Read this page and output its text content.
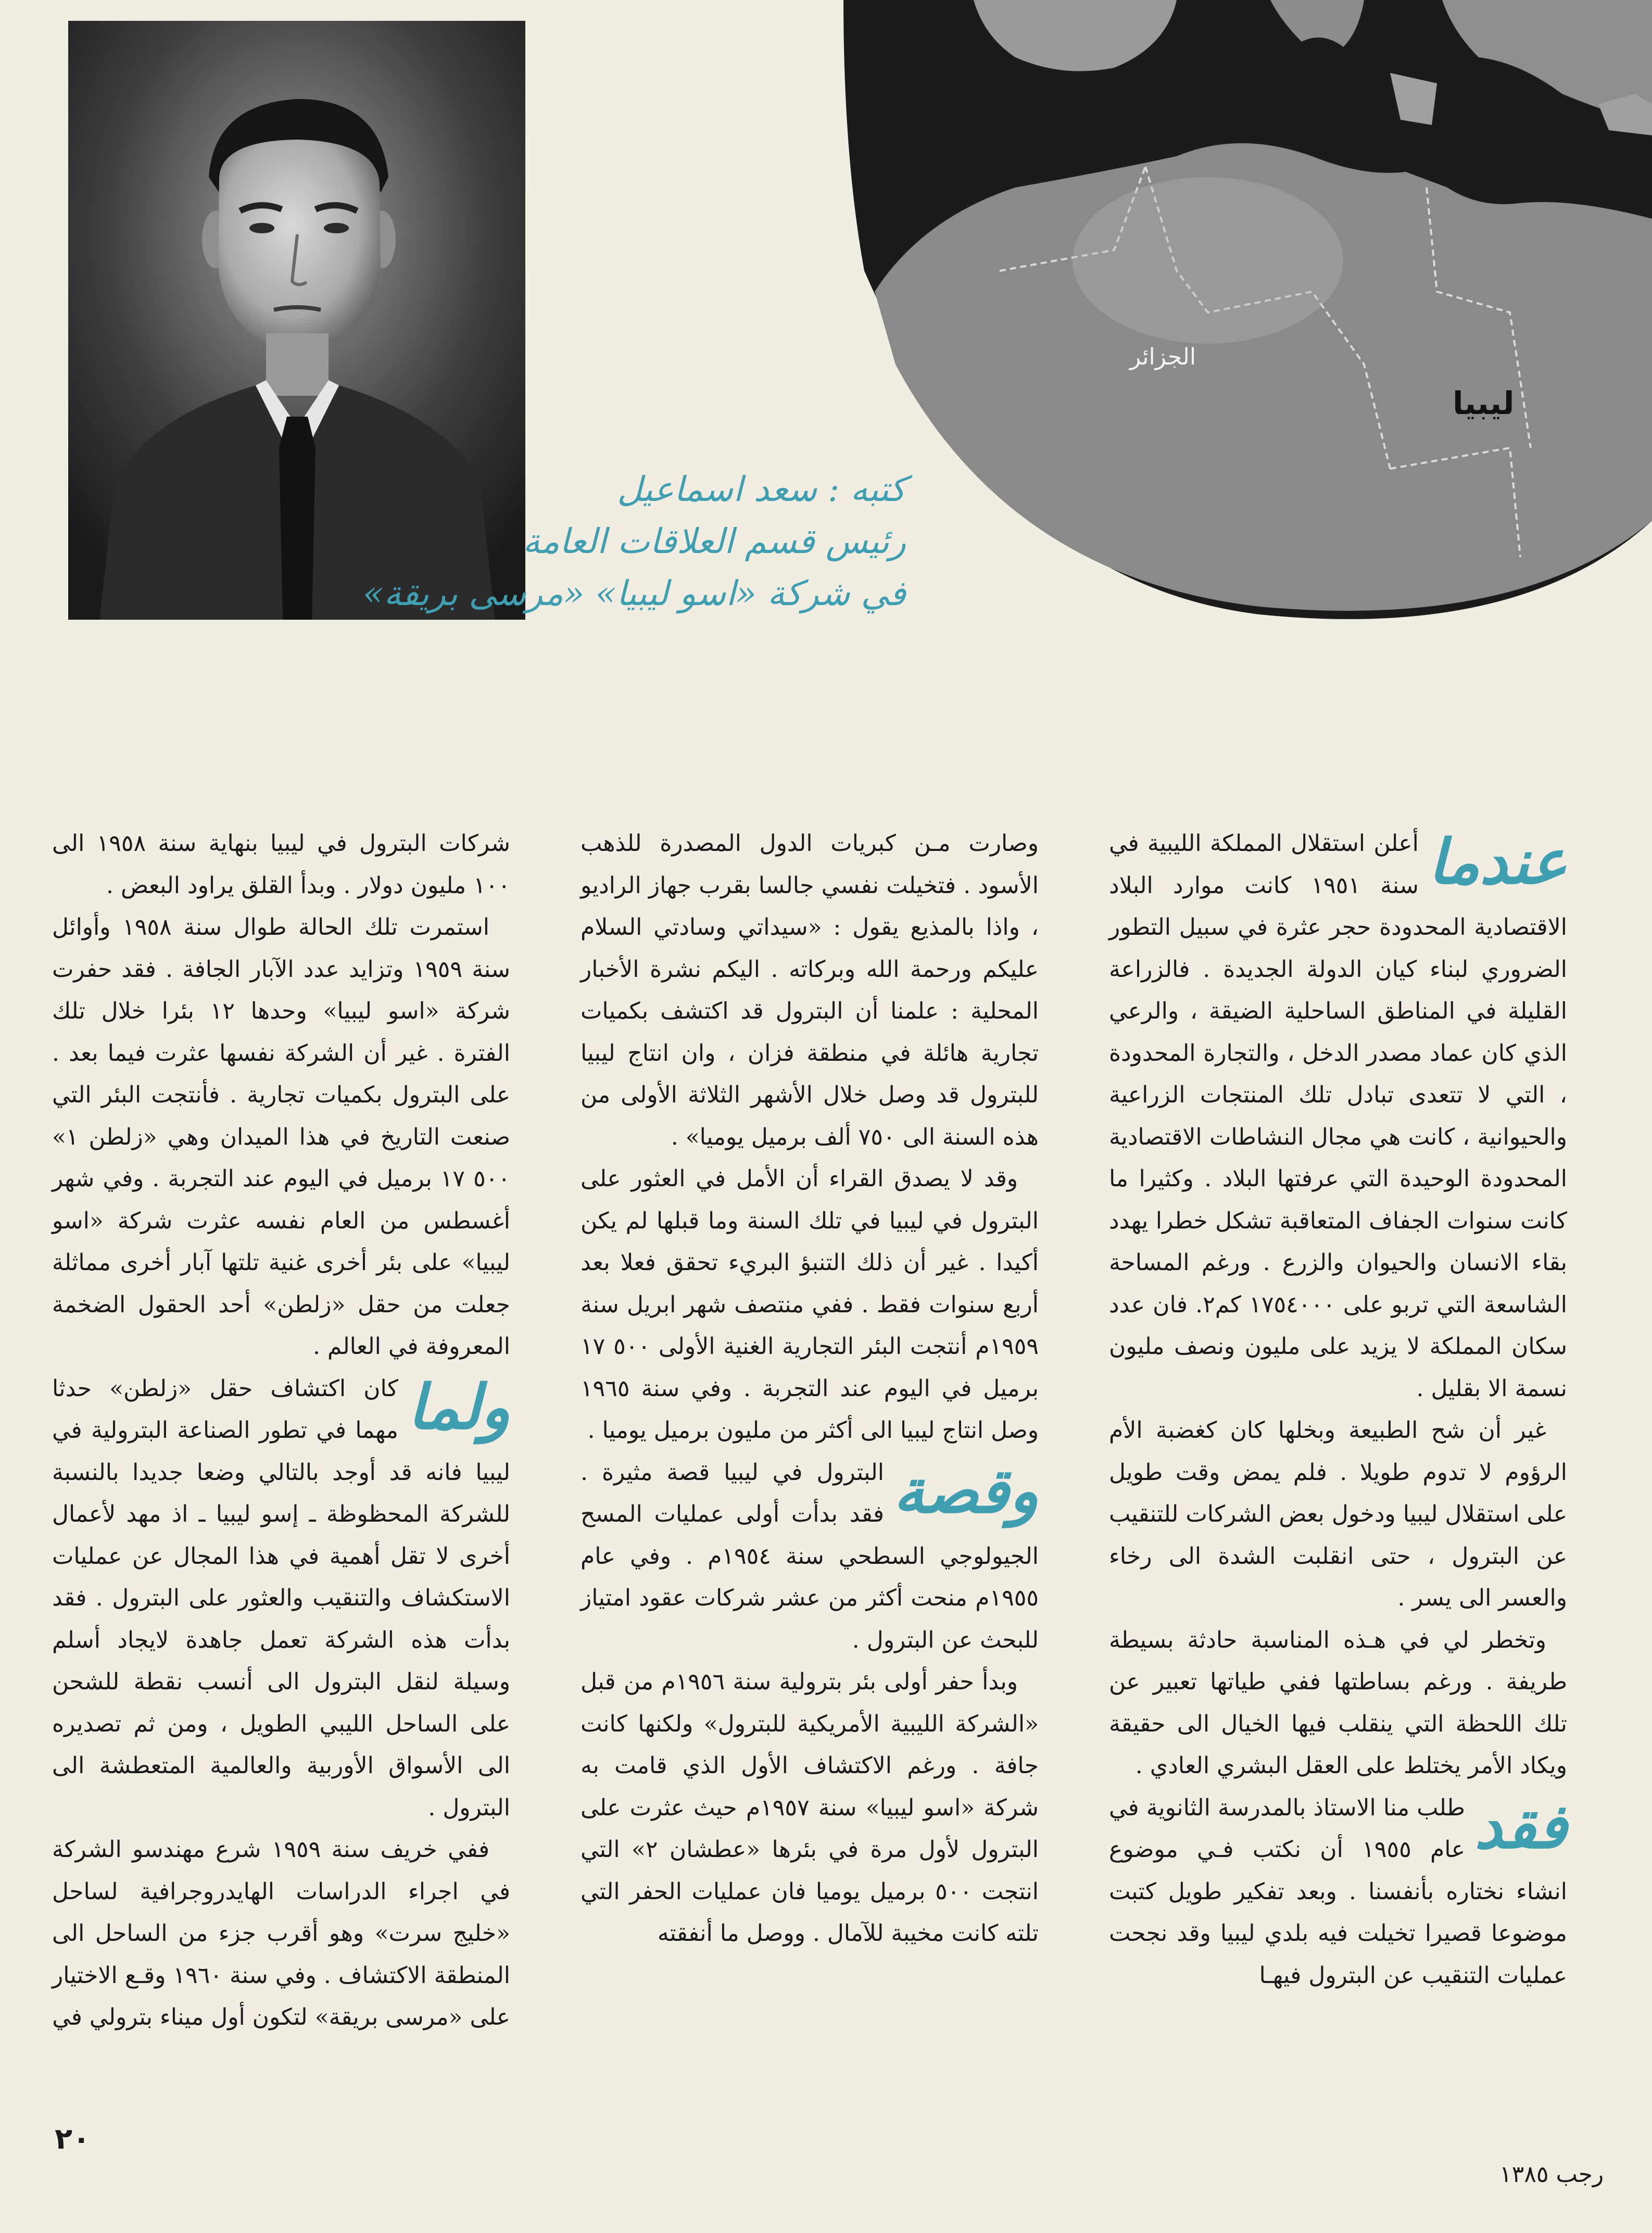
الجزائر
ليبيا
كتبه : سعد اسماعيل
رئيس قسم العلاقات العامة
في شركة «اسو ليبيا» «مرسى بريقة»
عندما

أعلن استقلال المملكة الليبية في سنة ١٩٥١ كانت موارد البلاد الاقتصادية المحدودة حجر عثرة في سبيل التطور الضروري لبناء كيان الدولة الجديدة . فالزراعة القليلة في المناطق الساحلية الضيقة ، والرعي الذي كان عماد مصدر الدخل ، والتجارة المحدودة ، التي لا تتعدى تبادل تلك المنتجات الزراعية والحيوانية ، كانت هي مجال النشاطات الاقتصادية المحدودة الوحيدة التي عرفتها البلاد . وكثيرا ما كانت سنوات الجفاف المتعاقبة تشكل خطرا يهدد بقاء الانسان والحيوان والزرع . ورغم المساحة الشاسعة التي تربو على ١٧٥٤٠٠٠ كم٢. فان عدد سكان المملكة لا يزيد على مليون ونصف مليون نسمة الا بقليل .

غير أن شح الطبيعة وبخلها كان كغضبة الأم الرؤوم لا تدوم طويلا . فلم يمض وقت طويل على استقلال ليبيا ودخول بعض الشركات للتنقيب عن البترول ، حتى انقلبت الشدة الى رخاء والعسر الى يسر .

وتخطر لي في هـذه المناسبة حادثة بسيطة طريفة . ورغم بساطتها ففي طياتها تعبير عن تلك اللحظة التي ينقلب فيها الخيال الى حقيقة ويكاد الأمر يختلط على العقل البشري العادي .

فقد

طلب منا الاستاذ بالمدرسة الثانوية في عام ١٩٥٥ أن نكتب فـي موضوع انشاء نختاره بأنفسنا . وبعد تفكير طويل كتبت موضوعا قصيرا تخيلت فيه بلدي ليبيا وقد نجحت عمليات التنقيب عن البترول فيهـا

وصارت مـن كبريات الدول المصدرة للذهب الأسود . فتخيلت نفسي جالسا بقرب جهاز الراديو ، واذا بالمذيع يقول : «سيداتي وسادتي السلام عليكم ورحمة الله وبركاته . اليكم نشرة الأخبار المحلية : علمنا أن البترول قد اكتشف بكميات تجارية هائلة في منطقة فزان ، وان انتاج ليبيا للبترول قد وصل خلال الأشهر الثلاثة الأولى من هذه السنة الى ٧٥٠ ألف برميل يوميا» .

وقد لا يصدق القراء أن الأمل في العثور على البترول في ليبيا في تلك السنة وما قبلها لم يكن أكيدا . غير أن ذلك التنبؤ البريء تحقق فعلا بعد أربع سنوات فقط . ففي منتصف شهر ابريل سنة ١٩٥٩م أنتجت البئر التجارية الغنية الأولى ٥٠٠ ١٧ برميل في اليوم عند التجربة . وفي سنة ١٩٦٥ وصل انتاج ليبيا الى أكثر من مليون برميل يوميا .

وقصة

البترول في ليبيا قصة مثيرة . فقد بدأت أولى عمليات المسح الجيولوجي السطحي سنة ١٩٥٤م . وفي عام ١٩٥٥م منحت أكثر من عشر شركات عقود امتياز للبحث عن البترول .

وبدأ حفر أولى بئر بترولية سنة ١٩٥٦م من قبل «الشركة الليبية الأمريكية للبترول» ولكنها كانت جافة . ورغم الاكتشاف الأول الذي قامت به شركة «اسو ليبيا» سنة ١٩٥٧م حيث عثرت على البترول لأول مرة في بئرها «عطشان ٢» التي انتجت ٥٠٠ برميل يوميا فان عمليات الحفر التي تلته كانت مخيبة للآمال . ووصل ما أنفقته

شركات البترول في ليبيا بنهاية سنة ١٩٥٨ الى ١٠٠ مليون دولار . وبدأ القلق يراود البعض .

استمرت تلك الحالة طوال سنة ١٩٥٨ وأوائل سنة ١٩٥٩ وتزايد عدد الآبار الجافة . فقد حفرت شركة «اسو ليبيا» وحدها ١٢ بئرا خلال تلك الفترة . غير أن الشركة نفسها عثرت فيما بعد . على البترول بكميات تجارية . فأنتجت البئر التي صنعت التاريخ في هذا الميدان وهي «زلطن ١» ٥٠٠ ١٧ برميل في اليوم عند التجربة . وفي شهر أغسطس من العام نفسه عثرت شركة «اسو ليبيا» على بئر أخرى غنية تلتها آبار أخرى مماثلة جعلت من حقل «زلطن» أحد الحقول الضخمة المعروفة في العالم .

ولما

كان اكتشاف حقل «زلطن» حدثا مهما في تطور الصناعة البترولية في ليبيا فانه قد أوجد بالتالي وضعا جديدا بالنسبة للشركة المحظوظة ـ إسو ليبيا ـ اذ مهد لأعمال أخرى لا تقل أهمية في هذا المجال عن عمليات الاستكشاف والتنقيب والعثور على البترول . فقد بدأت هذه الشركة تعمل جاهدة لايجاد أسلم وسيلة لنقل البترول الى أنسب نقطة للشحن على الساحل الليبي الطويل ، ومن ثم تصديره الى الأسواق الأوربية والعالمية المتعطشة الى البترول .

ففي خريف سنة ١٩٥٩ شرع مهندسو الشركة في اجراء الدراسات الهايدروجرافية لساحل «خليج سرت» وهو أقرب جزء من الساحل الى المنطقة الاكتشاف . وفي سنة ١٩٦٠ وقـع الاختيار على «مرسى بريقة» لتكون أول ميناء بترولي في

٢٠
رجب ١٣٨٥
